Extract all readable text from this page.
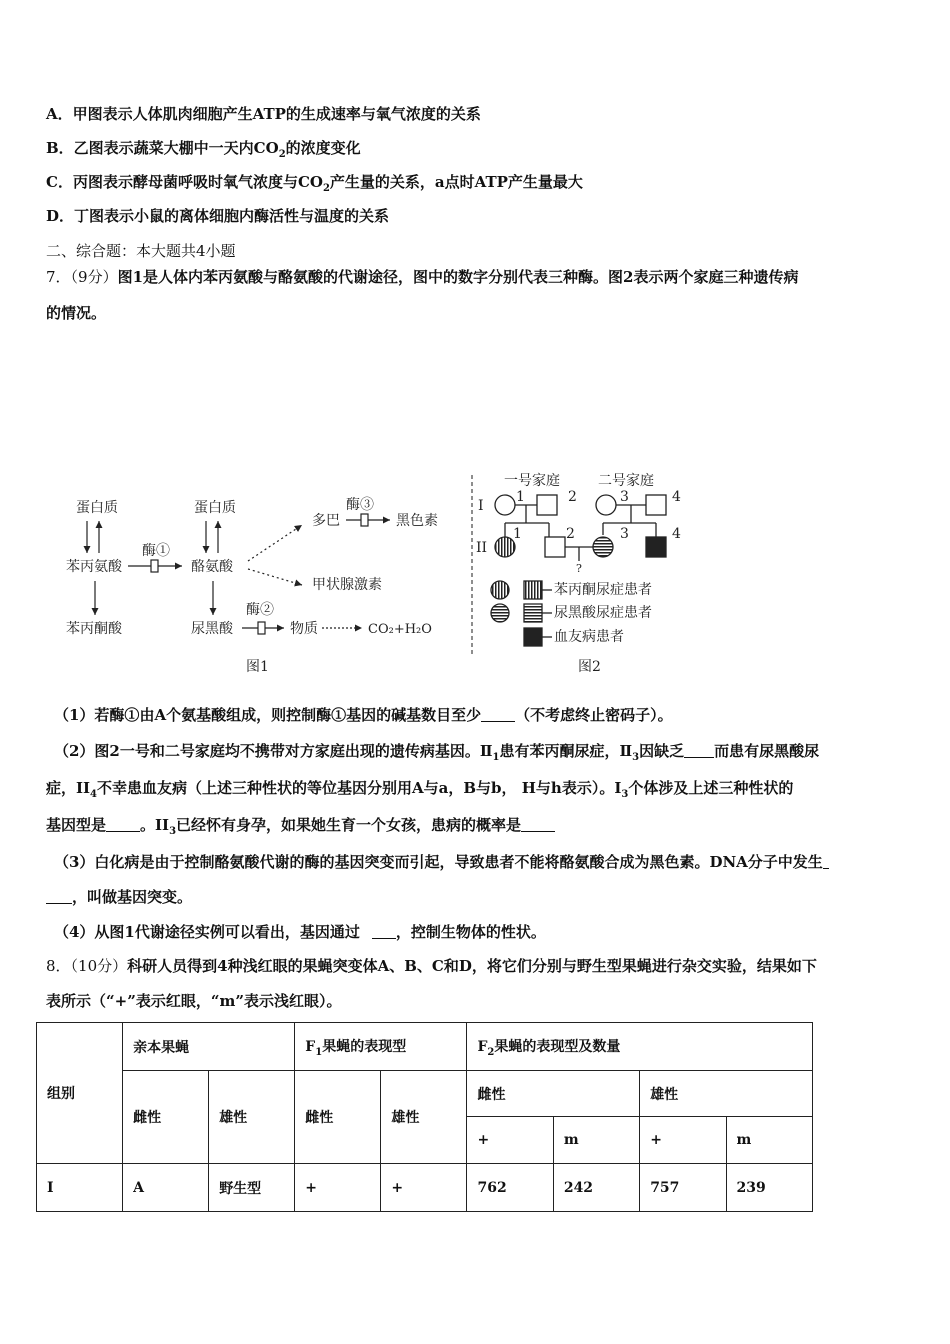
A．甲图表示人体肌肉细胞产生ATP的生成速率与氧气浓度的关系
B．乙图表示蔬菜大棚中一天内$CO_2$的浓度变化
C．丙图表示酵母菌呼吸时氧气浓度与$CO_2$产生量的关系，a点时ATP产生量最大
D．丁图表示小鼠的离体细胞内酶活性与温度的关系
二、综合题：本大题共4小题
7．（9分）图1是人体内苯丙氨酸与酪氨酸的代谢途径，图中的数字分别代表三种酶。图2表示两个家庭三种遗传病
的情况。
蛋白质	蛋白质
苯丙氨酸
酶①
酪氨酸
苯丙酮酸	尿黑酸
酶②
物质	CO₂+H₂O
多巴
酶③
黑色素
甲状腺激素
图1
一号家庭	二号家庭
I
II
1	2	3	4
1	2	3	4
?
苯丙酮尿症患者
尿黑酸尿症患者
血友病患者
图2
（1）若酶①由A个氨基酸组成，则控制酶①基因的碱基数目至少 （不考虑终止密码子）。
（2）图2一号和二号家庭均不携带对方家庭出现的遗传病基因。$Ⅱ_1$患有苯丙酮尿症，$Ⅱ_3$因缺乏 而患有尿黑酸尿
症，$II_4$不幸患血友病（上述三种性状的等位基因分别用A与a，B与b， H与h表示）。$I_3$个体涉及上述三种性状的
基因型是 。$II_3$已经怀有身孕，如果她生育一个女孩，患病的概率是
（3）白化病是由于控制酪氨酸代谢的酶的基因突变而引起，导致患者不能将酪氨酸合成为黑色素。DNA分子中发生
，叫做基因突变。
（4）从图1代谢途径实例可以看出，基因通过 ，控制生物体的性状。
8．（10分）科研人员得到4种浅红眼的果蝇突变体A、B、C和D，将它们分别与野生型果蝇进行杂交实验，结果如下
表所示（“+”表示红眼，“m”表示浅红眼）。
组别	亲本果蝇		$F_1$果蝇的表现型		$F_2$果蝇的表现型及数量			
	雌性	雄性	雌性	雄性	雌性		雄性	
					+	m	+	m
I	A	野生型	+	+	762	242	757	239
